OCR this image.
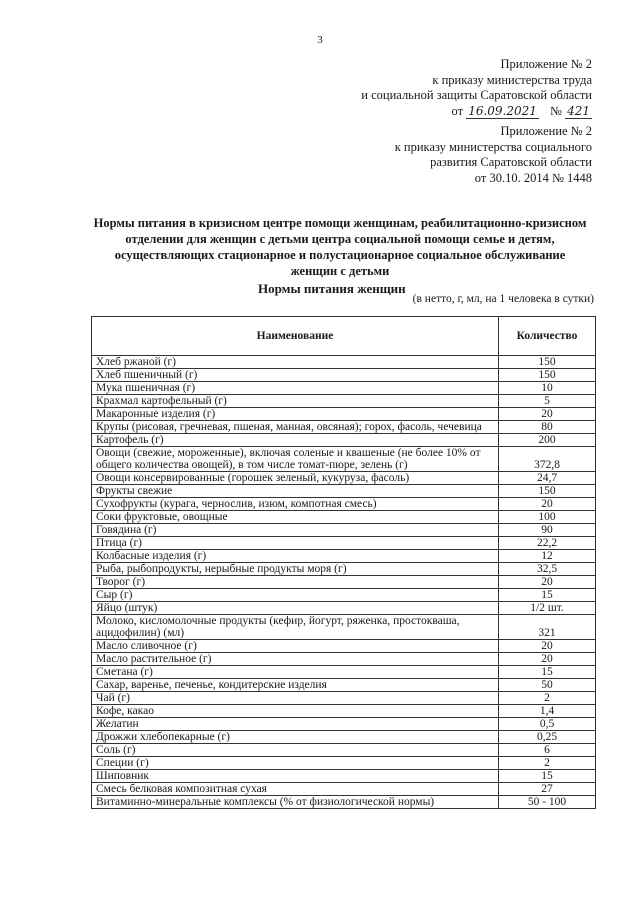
3
Приложение № 2
к приказу министерства труда
и социальной защиты Саратовской области
от 16.09.2021 № 421
Приложение № 2
к приказу министерства социального
развития Саратовской области
от 30.10. 2014 № 1448
Нормы питания в кризисном центре помощи женщинам, реабилитационно-кризисном
отделении для женщин с детьми центра социальной помощи семье и детям,
осуществляющих стационарное и полустационарное социальное обслуживание
женщин с детьми
Нормы питания женщин
(в нетто, г, мл, на 1 человека в сутки)
Наименование	Количество
Хлеб ржаной (г)	150
Хлеб пшеничный (г)	150
Мука пшеничная (г)	10
Крахмал картофельный (г)	5
Макаронные изделия (г)	20
Крупы (рисовая, гречневая, пшеная, манная, овсяная); горох, фасоль, чечевица	80
Картофель (г)	200
Овощи (свежие, мороженные), включая соленые и квашеные (не более 10% от общего количества овощей), в том числе томат-пюре, зелень (г)	372,8
Овощи консервированные (горошек зеленый, кукуруза, фасоль)	24,7
Фрукты свежие	150
Сухофрукты (курага, чернослив, изюм, компотная смесь)	20
Соки фруктовые, овощные	100
Говядина (г)	90
Птица (г)	22,2
Колбасные изделия (г)	12
Рыба, рыбопродукты, нерыбные продукты моря (г)	32,5
Творог (г)	20
Сыр (г)	15
Яйцо (штук)	1/2 шт.
Молоко, кисломолочные продукты (кефир, йогурт, ряженка, простокваша, ацидофилин) (мл)	321
Масло сливочное (г)	20
Масло растительное (г)	20
Сметана (г)	15
Сахар, варенье, печенье, кондитерские изделия	50
Чай (г)	2
Кофе, какао	1,4
Желатин	0,5
Дрожжи хлебопекарные (г)	0,25
Соль (г)	6
Специи (г)	2
Шиповник	15
Смесь белковая композитная сухая	27
Витаминно-минеральные комплексы (% от физиологической нормы)	50 - 100
